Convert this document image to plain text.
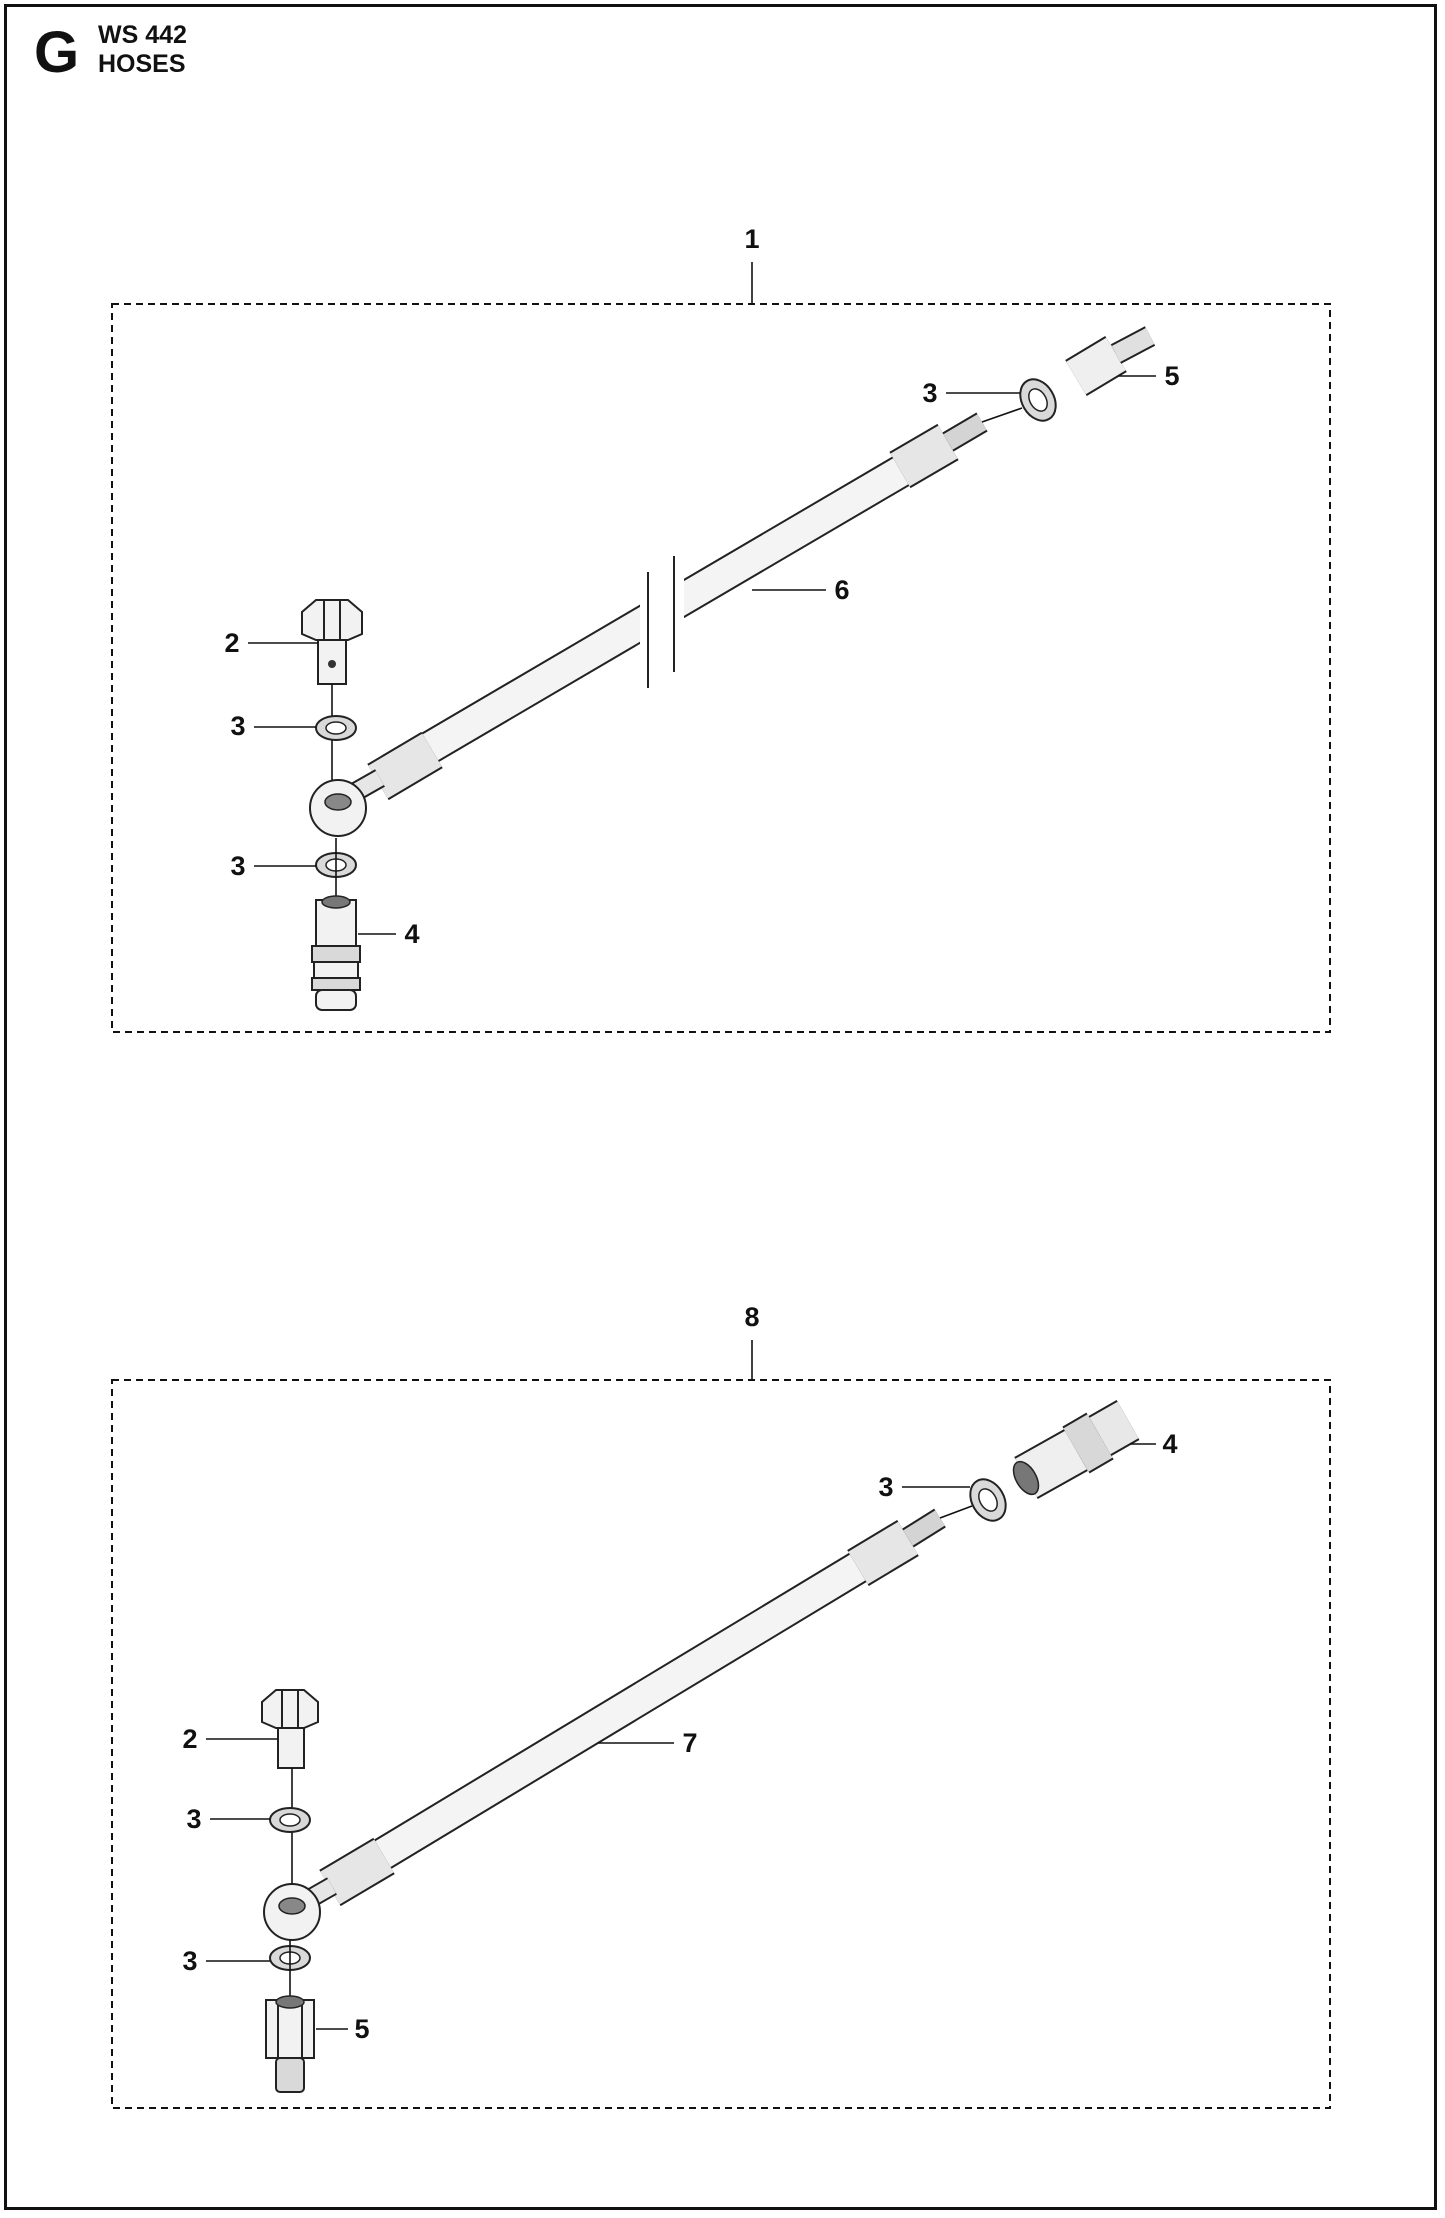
G WS 442
HOSES
1
2
3
3
4
6
3
5
8
2
3
3
5
7
3
4
